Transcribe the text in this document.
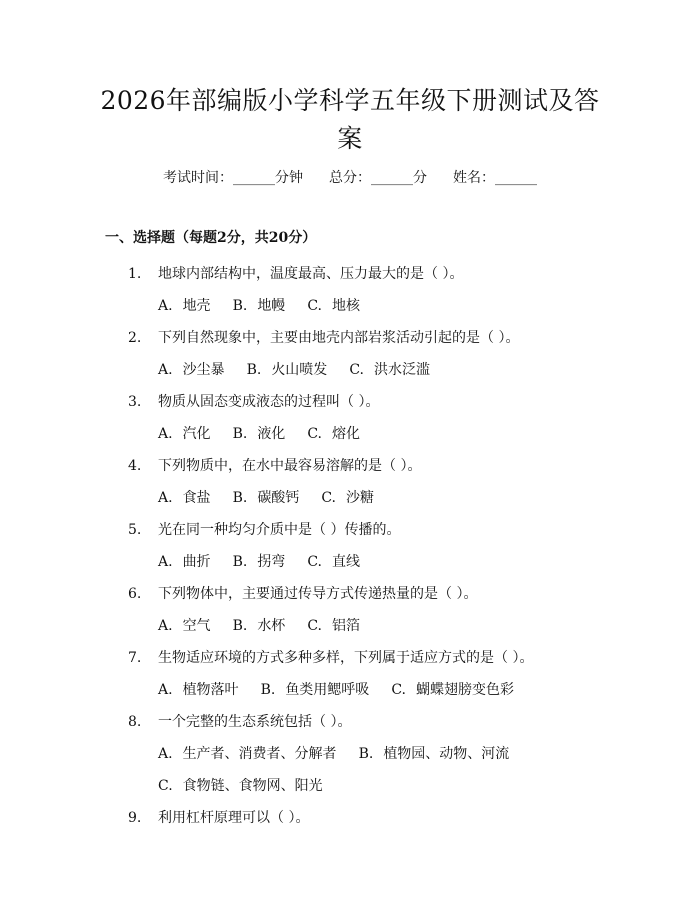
2026年部编版小学科学五年级下册测试及答案
考试时间：______分钟 总分：______分 姓名：______
一、选择题（每题2分，共20分）
1. 地球内部结构中，温度最高、压力最大的是（ ）。
A. 地壳 B. 地幔 C. 地核
2. 下列自然现象中，主要由地壳内部岩浆活动引起的是（ ）。
A. 沙尘暴 B. 火山喷发 C. 洪水泛滥
3. 物质从固态变成液态的过程叫（ ）。
A. 汽化 B. 液化 C. 熔化
4. 下列物质中，在水中最容易溶解的是（ ）。
A. 食盐 B. 碳酸钙 C. 沙糖
5. 光在同一种均匀介质中是（ ）传播的。
A. 曲折 B. 拐弯 C. 直线
6. 下列物体中，主要通过传导方式传递热量的是（ ）。
A. 空气 B. 水杯 C. 铝箔
7. 生物适应环境的方式多种多样，下列属于适应方式的是（ ）。
A. 植物落叶 B. 鱼类用鳃呼吸 C. 蝴蝶翅膀变色彩
8. 一个完整的生态系统包括（ ）。
A. 生产者、消费者、分解者 B. 植物园、动物、河流
C. 食物链、食物网、阳光
9. 利用杠杆原理可以（ ）。
